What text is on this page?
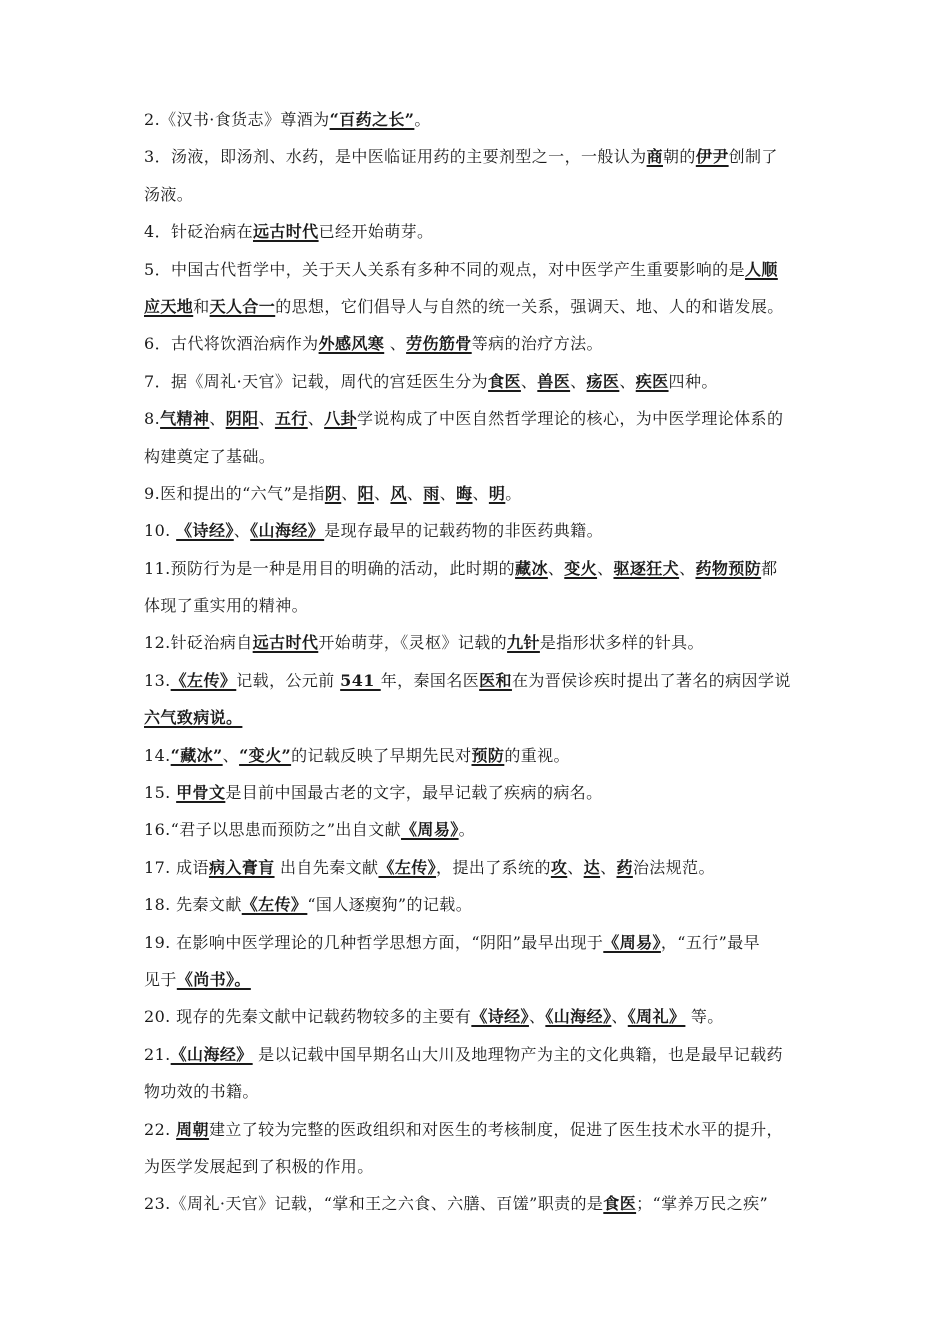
2.《汉书·食货志》尊酒为“百药之长”。
3．汤液，即汤剂、水药，是中医临证用药的主要剂型之一，一般认为商朝的伊尹创制了
汤液。
4．针砭治病在远古时代已经开始萌芽。
5．中国古代哲学中，关于天人关系有多种不同的观点，对中医学产生重要影响的是人顺
应天地和天人合一的思想，它们倡导人与自然的统一关系，强调天、地、人的和谐发展。
6．古代将饮酒治病作为外感风寒 、劳伤筋骨等病的治疗方法。
7．据《周礼·天官》记载，周代的宫廷医生分为食医、兽医、疡医、疾医四种。
8.气精神、阴阳、五行、八卦学说构成了中医自然哲学理论的核心，为中医学理论体系的
构建奠定了基础。
9.医和提出的“六气”是指阴、阳、风、雨、晦、明。
10. 《诗经》、《山海经》是现存最早的记载药物的非医药典籍。
11.预防行为是一种是用目的明确的活动，此时期的藏冰、变火、驱逐狂犬、药物预防都
体现了重实用的精神。
12.针砭治病自远古时代开始萌芽，《灵枢》记载的九针是指形状多样的针具。
13.《左传》记载，公元前 541 年，秦国名医医和在为晋侯诊疾时提出了著名的病因学说
六气致病说。
14.“藏冰”、“变火”的记载反映了早期先民对预防的重视。
15. 甲骨文是目前中国最古老的文字，最早记载了疾病的病名。
16.“君子以思患而预防之”出自文献《周易》。
17. 成语病入膏肓 出自先秦文献《左传》，提出了系统的攻、达、药治法规范。
18. 先秦文献《左传》“国人逐瘈狗”的记载。
19. 在影响中医学理论的几种哲学思想方面，“阴阳”最早出现于《周易》，“五行”最早
见于《尚书》。
20. 现存的先秦文献中记载药物较多的主要有《诗经》、《山海经》、《周礼》 等。
21.《山海经》 是以记载中国早期名山大川及地理物产为主的文化典籍，也是最早记载药
物功效的书籍。
22. 周朝建立了较为完整的医政组织和对医生的考核制度，促进了医生技术水平的提升，
为医学发展起到了积极的作用。
23.《周礼·天官》记载，“掌和王之六食、六膳、百馐”职责的是食医；“掌养万民之疾”
